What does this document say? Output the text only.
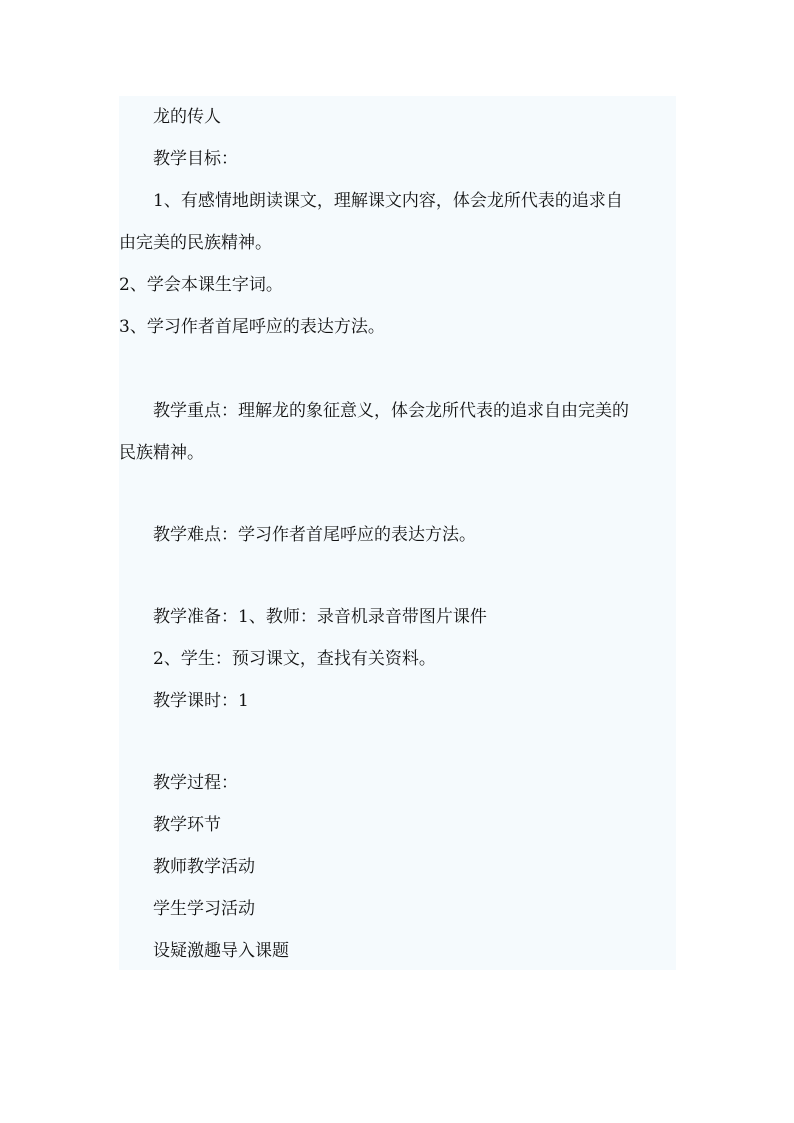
龙的传人

教学目标：

1、有感情地朗读课文，理解课文内容，体会龙所代表的追求自

由完美的民族精神。

2、学会本课生字词。

3、学习作者首尾呼应的表达方法。

教学重点：理解龙的象征意义，体会龙所代表的追求自由完美的

民族精神。

教学难点：学习作者首尾呼应的表达方法。

教学准备：1、教师：录音机录音带图片课件

2、学生：预习课文，查找有关资料。

教学课时：1

教学过程：

教学环节

教师教学活动

学生学习活动

设疑激趣导入课题
